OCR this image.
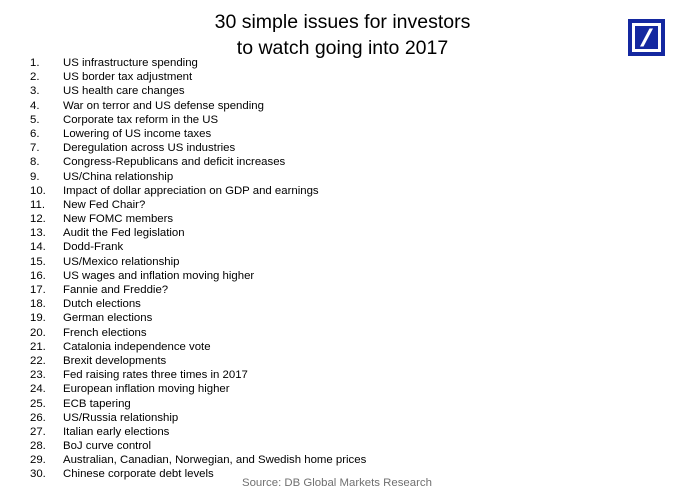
30 simple issues for investors
to watch going into 2017
1. US infrastructure spending
2. US border tax adjustment
3. US health care changes
4. War on terror and US defense spending
5. Corporate tax reform in the US
6. Lowering of US income taxes
7. Deregulation across US industries
8. Congress-Republicans and deficit increases
9. US/China relationship
10. Impact of dollar appreciation on GDP and earnings
11. New Fed Chair?
12. New FOMC members
13. Audit the Fed legislation
14. Dodd-Frank
15. US/Mexico relationship
16. US wages and inflation moving higher
17. Fannie and Freddie?
18. Dutch elections
19. German elections
20. French elections
21. Catalonia independence vote
22. Brexit developments
23. Fed raising rates three times in 2017
24. European inflation moving higher
25. ECB tapering
26. US/Russia relationship
27. Italian early elections
28. BoJ curve control
29. Australian, Canadian, Norwegian, and Swedish home prices
30. Chinese corporate debt levels
Source: DB Global Markets Research
